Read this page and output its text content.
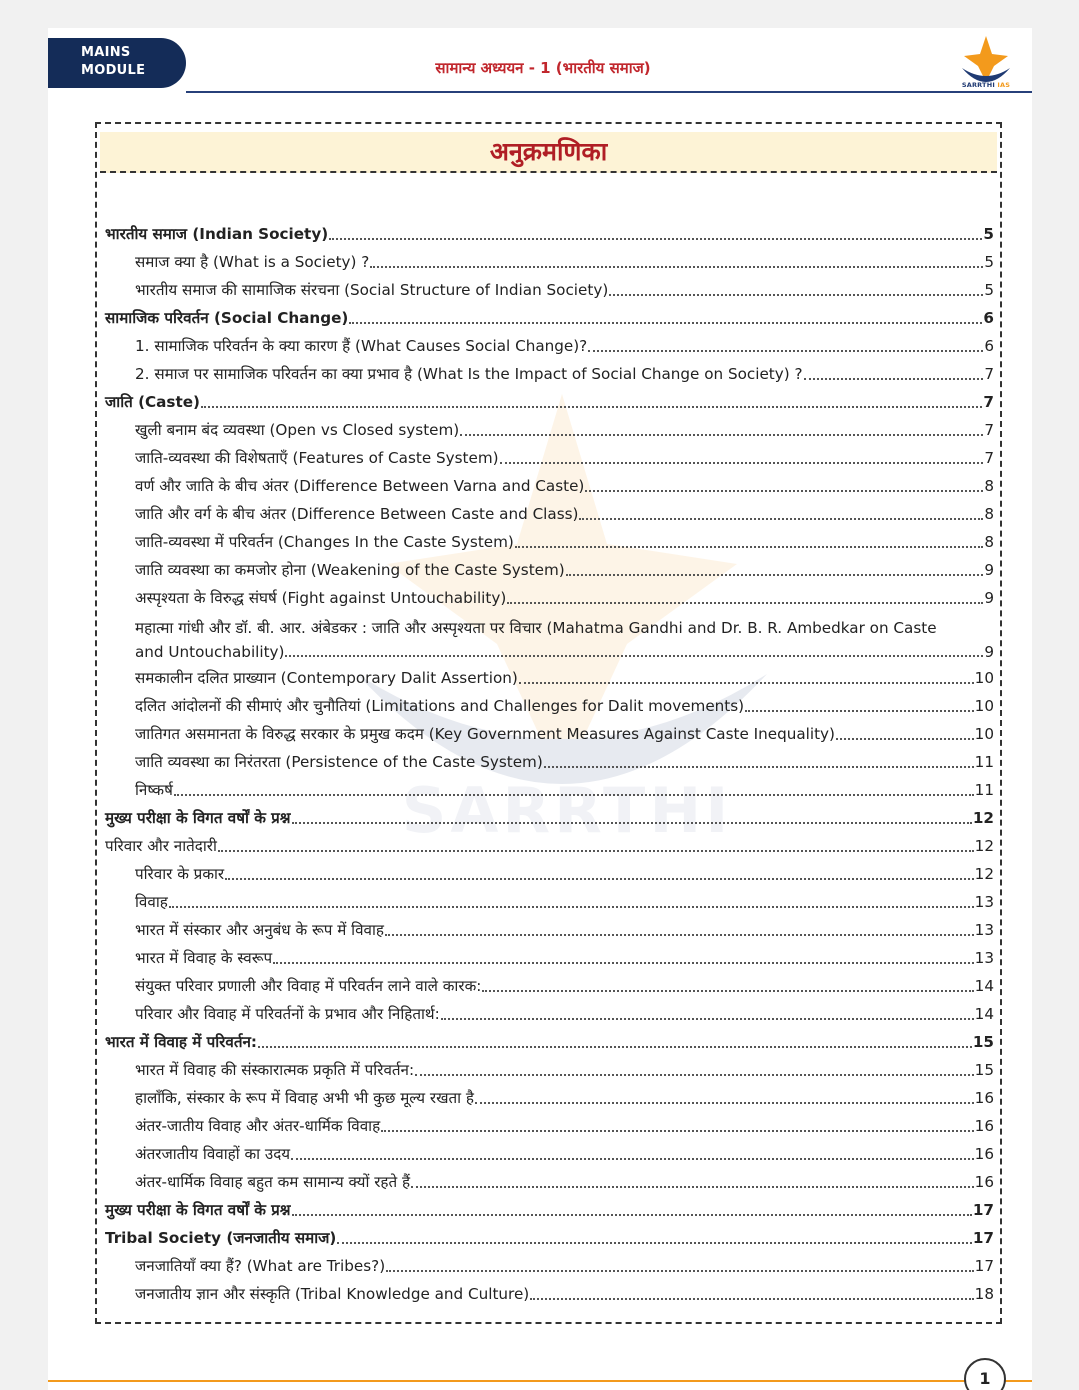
MAINS
MODULE	सामान्य अध्ययन - 1 (भारतीय समाज)
SARRTHI IAS
अनुक्रमणिका
SARRTHI
भारतीय समाज (Indian Society)	5
समाज क्या है (What is a Society) ?	5
भारतीय समाज की सामाजिक संरचना (Social Structure of Indian Society)	5
सामाजिक परिवर्तन (Social Change)	6
1. सामाजिक परिवर्तन के क्या कारण हैं (What Causes Social Change)?	6
2. समाज पर सामाजिक परिवर्तन का क्या प्रभाव है (What Is the Impact of Social Change on Society) ?	7
जाति (Caste)	7
खुली बनाम बंद व्यवस्था (Open vs Closed system)	7
जाति-व्यवस्था की विशेषताएँ (Features of Caste System)	7
वर्ण और जाति के बीच अंतर (Difference Between Varna and Caste)	8
जाति और वर्ग के बीच अंतर (Difference Between Caste and Class)	8
जाति-व्यवस्था में परिवर्तन (Changes In the Caste System)	8
जाति व्यवस्था का कमजोर होना (Weakening of the Caste System)	9
अस्पृश्यता के विरुद्ध संघर्ष (Fight against Untouchability)	9
महात्मा गांधी और डॉ. बी. आर. अंबेडकर : जाति और अस्पृश्यता पर विचार (Mahatma Gandhi and Dr. B. R. Ambedkar on Caste
and Untouchability)	9
समकालीन दलित प्राख्यान (Contemporary Dalit Assertion)	10
दलित आंदोलनों की सीमाएं और चुनौतियां (Limitations and Challenges for Dalit movements)	10
जातिगत असमानता के विरुद्ध सरकार के प्रमुख कदम (Key Government Measures Against Caste Inequality)	10
जाति व्यवस्था का निरंतरता (Persistence of the Caste System)	11
निष्कर्ष	11
मुख्य परीक्षा के विगत वर्षों के प्रश्न	12
परिवार और नातेदारी	12
परिवार के प्रकार	12
विवाह	13
भारत में संस्कार और अनुबंध के रूप में विवाह	13
भारत में विवाह के स्वरूप	13
संयुक्त परिवार प्रणाली और विवाह में परिवर्तन लाने वाले कारक:	14
परिवार और विवाह में परिवर्तनों के प्रभाव और निहितार्थ:	14
भारत में विवाह में परिवर्तन:	15
भारत में विवाह की संस्कारात्मक प्रकृति में परिवर्तन:	15
हालाँकि, संस्कार के रूप में विवाह अभी भी कुछ मूल्य रखता है	16
अंतर-जातीय विवाह और अंतर-धार्मिक विवाह	16
अंतरजातीय विवाहों का उदय	16
अंतर-धार्मिक विवाह बहुत कम सामान्य क्यों रहते हैं	16
मुख्य परीक्षा के विगत वर्षों के प्रश्न	17
Tribal Society (जनजातीय समाज)	17
जनजातियाँ क्या हैं? (What are Tribes?)	17
जनजातीय ज्ञान और संस्कृति (Tribal Knowledge and Culture)	18
1
